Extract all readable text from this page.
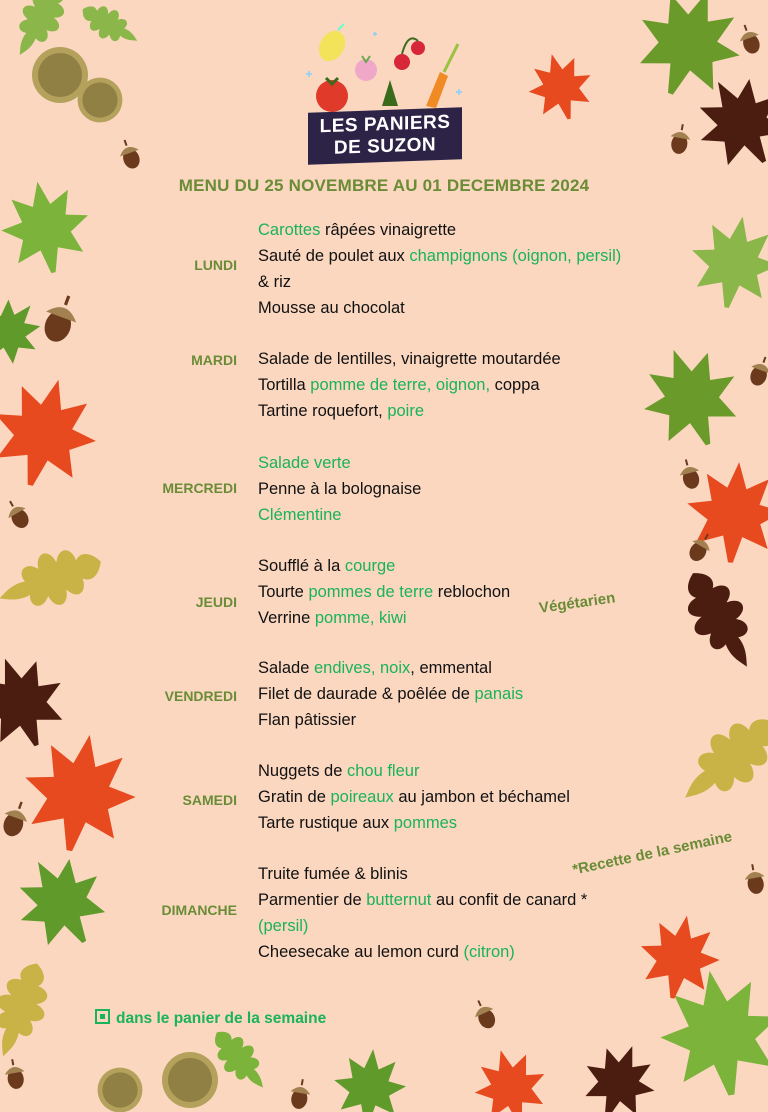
LES PANIERS
DE SUZON
MENU DU 25 NOVEMBRE AU 01 DECEMBRE 2024
LUNDI
Carottes râpées vinaigrette
Sauté de poulet aux champignons (oignon, persil)
& riz
Mousse au chocolat
MARDI Salade de lentilles, vinaigrette moutardée
Tortilla pomme de terre, oignon, coppa
Tartine roquefort, poire
MERCREDI
Salade verte
Penne à la bolognaise
Clémentine
JEUDI
Soufflé à la courge
Tourte pommes de terre reblochon
Verrine pomme, kiwi
VENDREDI
Salade endives, noix, emmental
Filet de daurade & poêlée de panais
Flan pâtissier
SAMEDI
Nuggets de chou fleur
Gratin de poireaux au jambon et béchamel
Tarte rustique aux pommes
DIMANCHE
Truite fumée & blinis
Parmentier de butternut au confit de canard *
(persil)
Cheesecake au lemon curd (citron)
Végétarien
*Recette de la semaine
dans le panier de la semaine
